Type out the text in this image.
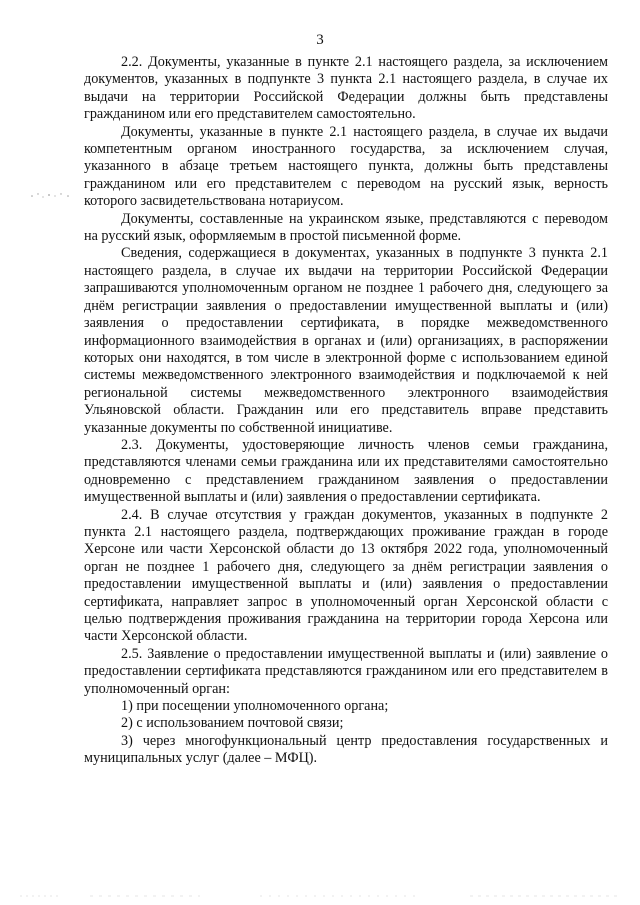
3

2.2. Документы, указанные в пункте 2.1 настоящего раздела, за исключением документов, указанных в подпункте 3 пункта 2.1 настоящего раздела, в случае их выдачи на территории Российской Федерации должны быть представлены гражданином или его представителем самостоятельно.

Документы, указанные в пункте 2.1 настоящего раздела, в случае их выдачи компетентным органом иностранного государства, за исключением случая, указанного в абзаце третьем настоящего пункта, должны быть представлены гражданином или его представителем с переводом на русский язык, верность которого засвидетельствована нотариусом.

Документы, составленные на украинском языке, представляются с переводом на русский язык, оформляемым в простой письменной форме.

Сведения, содержащиеся в документах, указанных в подпункте 3 пункта 2.1 настоящего раздела, в случае их выдачи на территории Российской Федерации запрашиваются уполномоченным органом не позднее 1 рабочего дня, следующего за днём регистрации заявления о предоставлении имущественной выплаты и (или) заявления о предоставлении сертификата, в порядке межведомственного информационного взаимодействия в органах и (или) организациях, в распоряжении которых они находятся, в том числе в электронной форме с использованием единой системы межведомственного электронного взаимодействия и подключаемой к ней региональной системы межведомственного электронного взаимодействия Ульяновской области. Гражданин или его представитель вправе представить указанные документы по собственной инициативе.

2.3. Документы, удостоверяющие личность членов семьи гражданина, представляются членами семьи гражданина или их представителями самостоятельно одновременно с представлением гражданином заявления о предоставлении имущественной выплаты и (или) заявления о предоставлении сертификата.

2.4. В случае отсутствия у граждан документов, указанных в подпункте 2 пункта 2.1 настоящего раздела, подтверждающих проживание граждан в городе Херсоне или части Херсонской области до 13 октября 2022 года, уполномоченный орган не позднее 1 рабочего дня, следующего за днём регистрации заявления о предоставлении имущественной выплаты и (или) заявления о предоставлении сертификата, направляет запрос в уполномоченный орган Херсонской области с целью подтверждения проживания гражданина на территории города Херсона или части Херсонской области.

2.5. Заявление о предоставлении имущественной выплаты и (или) заявление о предоставлении сертификата представляются гражданином или его представителем в уполномоченный орган:

1) при посещении уполномоченного органа;

2) с использованием почтовой связи;

3) через многофункциональный центр предоставления государственных и муниципальных услуг (далее – МФЦ).
